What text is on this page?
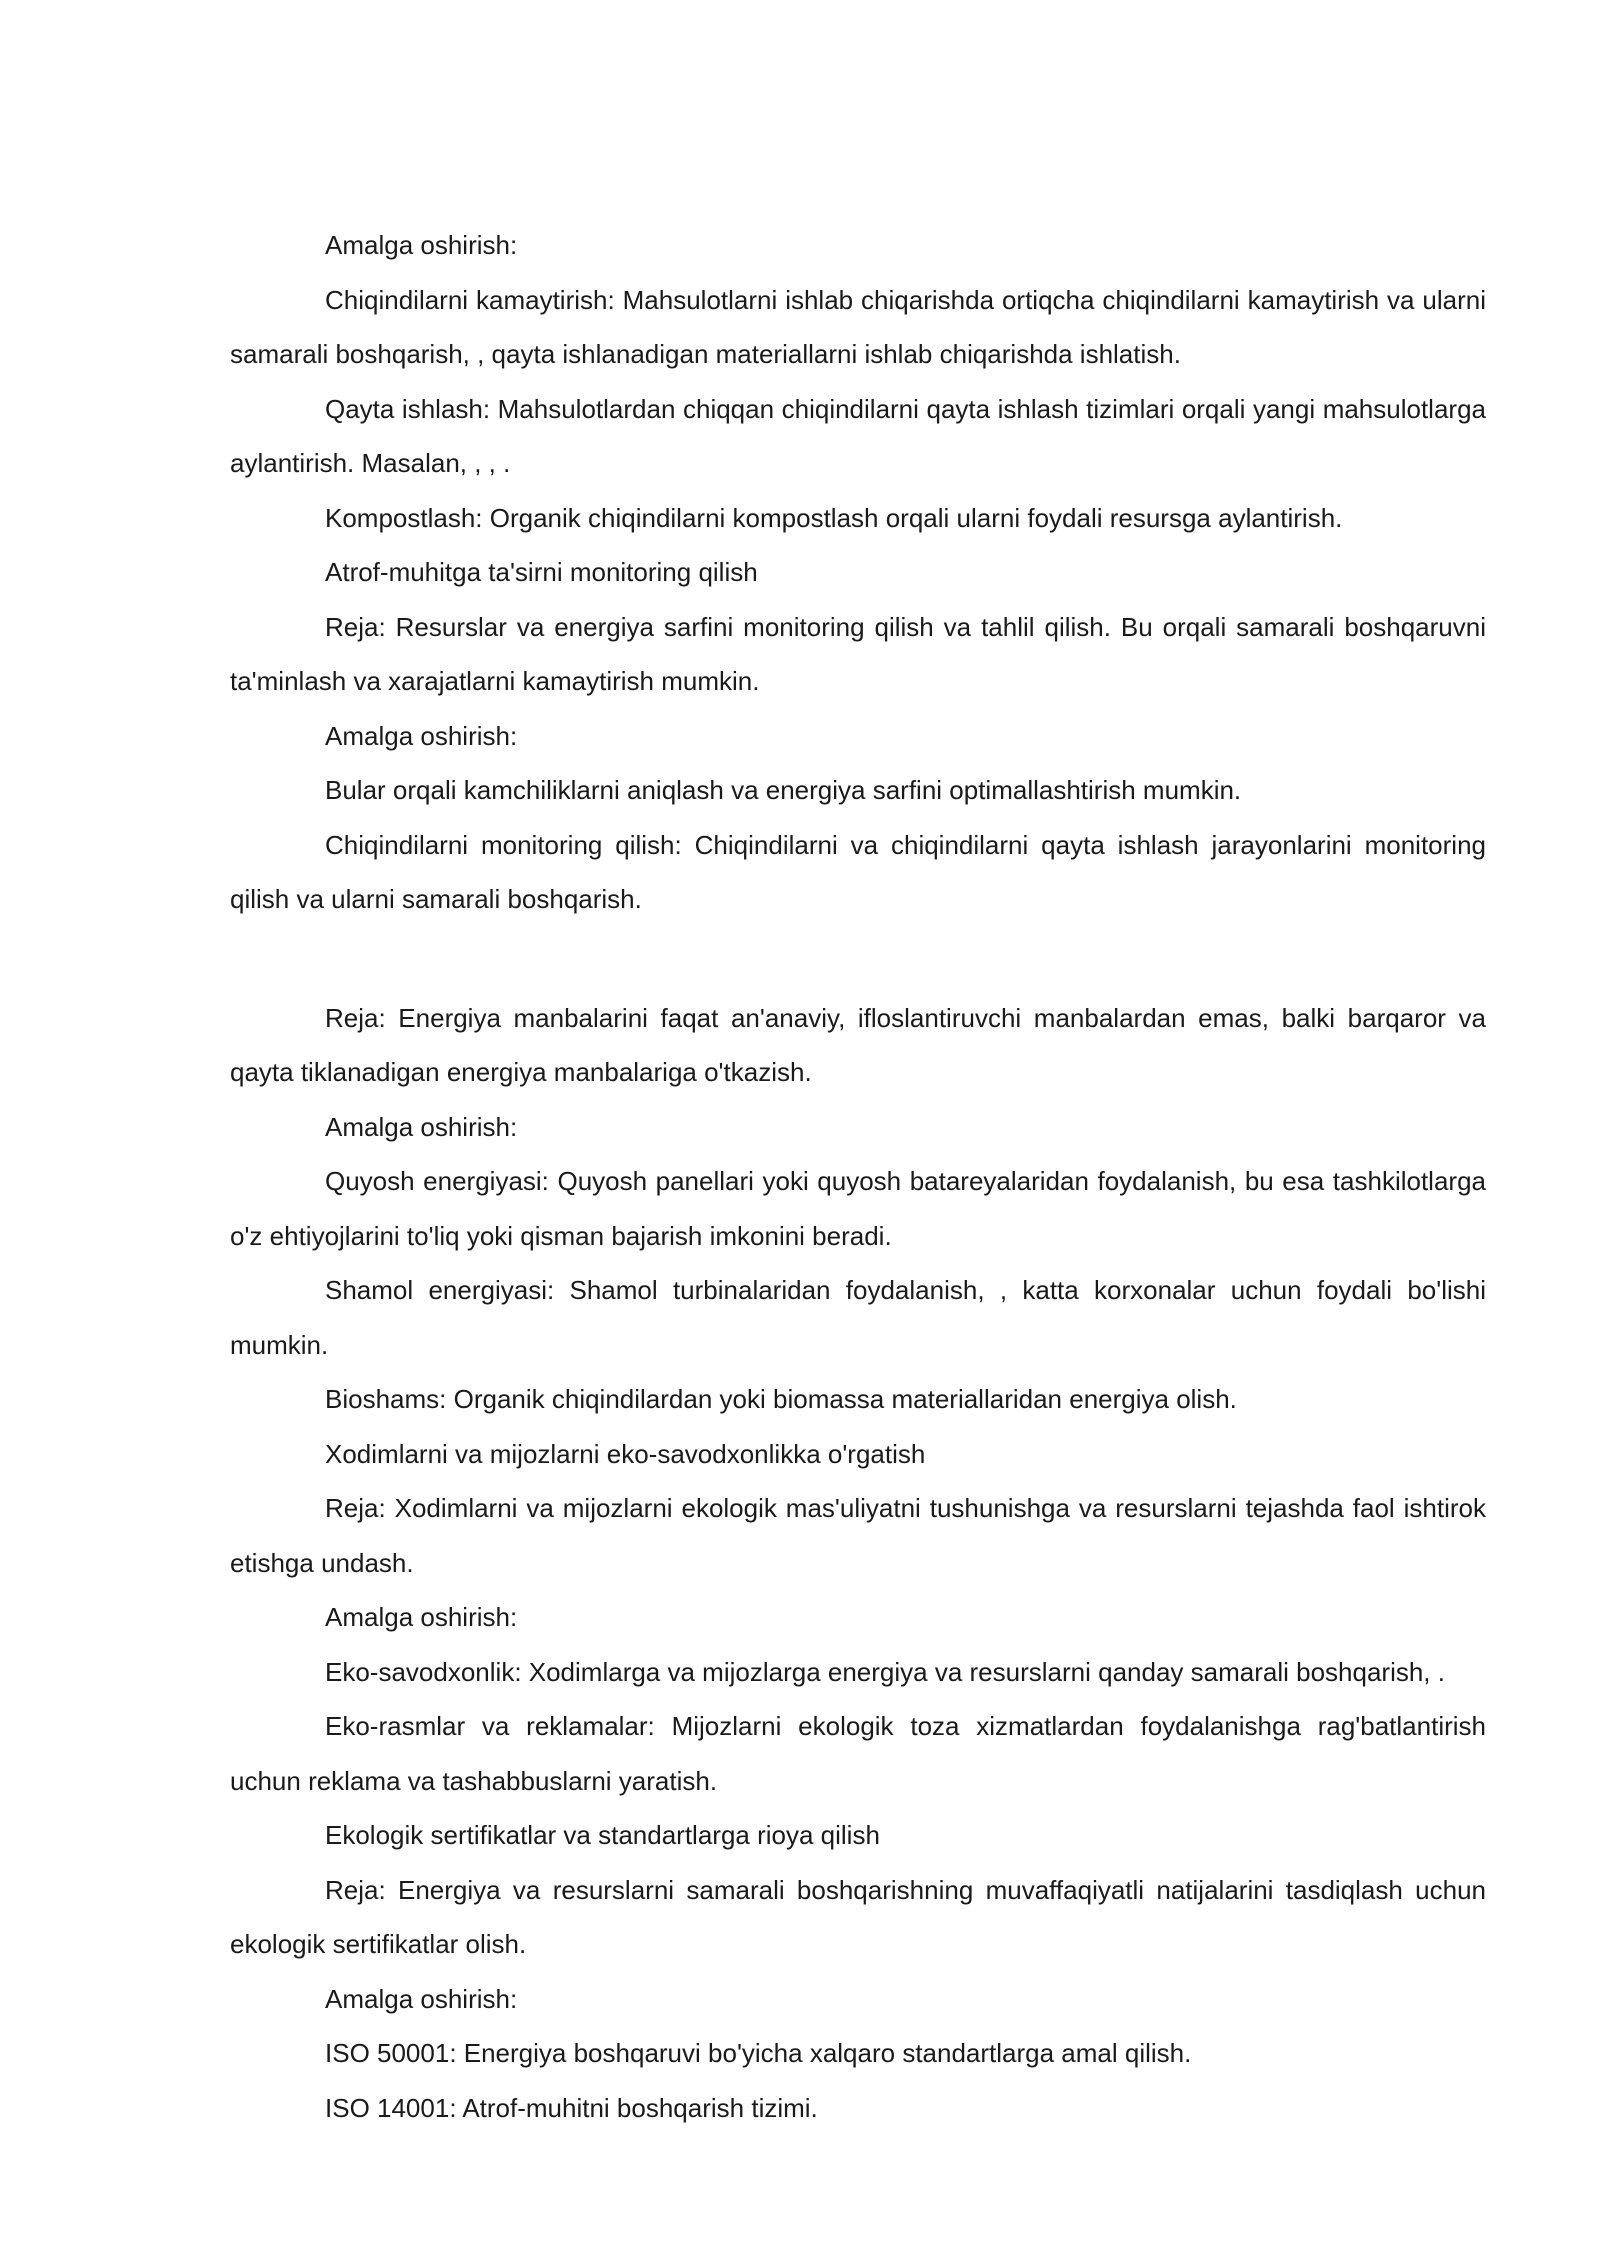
Amalga oshirish:

Chiqindilarni kamaytirish: Mahsulotlarni ishlab chiqarishda ortiqcha chiqindilarni kamaytirish va ularni samarali boshqarish, , qayta ishlanadigan materiallarni ishlab chiqarishda ishlatish.

Qayta ishlash: Mahsulotlardan chiqqan chiqindilarni qayta ishlash tizimlari orqali yangi mahsulotlarga aylantirish. Masalan, , , .

Kompostlash: Organik chiqindilarni kompostlash orqali ularni foydali resursga aylantirish.

Atrof-muhitga ta'sirni monitoring qilish

Reja: Resurslar va energiya sarfini monitoring qilish va tahlil qilish. Bu orqali samarali boshqaruvni ta'minlash va xarajatlarni kamaytirish mumkin.

Amalga oshirish:

Bular orqali kamchiliklarni aniqlash va energiya sarfini optimallashtirish mumkin.

Chiqindilarni monitoring qilish: Chiqindilarni va chiqindilarni qayta ishlash jarayonlarini monitoring qilish va ularni samarali boshqarish.

Reja: Energiya manbalarini faqat an'anaviy, ifloslantiruvchi manbalardan emas, balki barqaror va qayta tiklanadigan energiya manbalariga o'tkazish.

Amalga oshirish:

Quyosh energiyasi: Quyosh panellari yoki quyosh batareyalaridan foydalanish, bu esa tashkilotlarga o'z ehtiyojlarini to'liq yoki qisman bajarish imkonini beradi.

Shamol energiyasi: Shamol turbinalaridan foydalanish, , katta korxonalar uchun foydali bo'lishi mumkin.

Bioshams: Organik chiqindilardan yoki biomassa materiallaridan energiya olish.

Xodimlarni va mijozlarni eko-savodxonlikka o'rgatish

Reja: Xodimlarni va mijozlarni ekologik mas'uliyatni tushunishga va resurslarni tejashda faol ishtirok etishga undash.

Amalga oshirish:

Eko-savodxonlik: Xodimlarga va mijozlarga energiya va resurslarni qanday samarali boshqarish, .

Eko-rasmlar va reklamalar: Mijozlarni ekologik toza xizmatlardan foydalanishga rag'batlantirish uchun reklama va tashabbuslarni yaratish.

Ekologik sertifikatlar va standartlarga rioya qilish

Reja: Energiya va resurslarni samarali boshqarishning muvaffaqiyatli natijalarini tasdiqlash uchun ekologik sertifikatlar olish.

Amalga oshirish:

ISO 50001: Energiya boshqaruvi bo'yicha xalqaro standartlarga amal qilish.

ISO 14001: Atrof-muhitni boshqarish tizimi.
